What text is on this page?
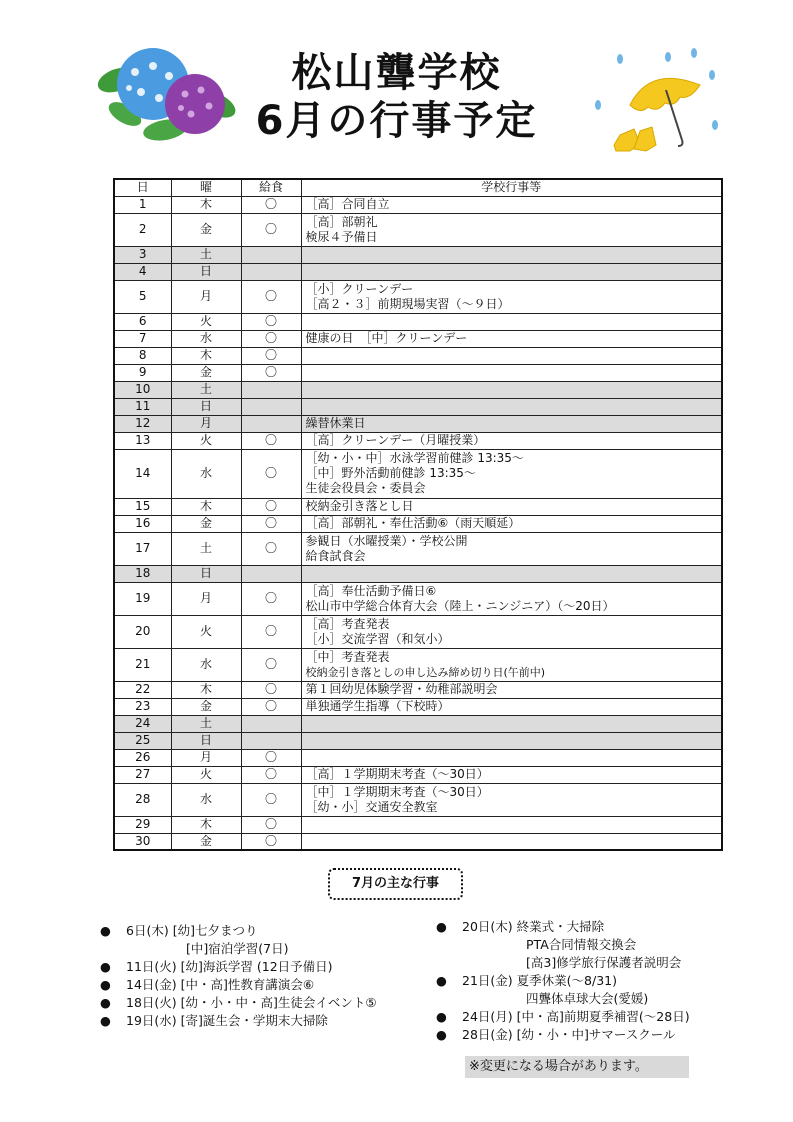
松山聾学校
6月の行事予定
日	曜	給食	学校行事等
1	木	〇	［高］合同自立

2	金	〇	［高］部朝礼
検尿４予備日

3	土		
4	日		
5	月	〇	［小］クリーンデー
［高２・３］前期現場実習（～９日）

6	火	〇	
7	水	〇	健康の日　［中］クリーンデー

8	木	〇	
9	金	〇	
10	土		
11	日		
12	月		繰替休業日

13	火	〇	［高］クリーンデー（月曜授業）

14	水	〇	［幼・小・中］水泳学習前健診 13:35～
［中］野外活動前健診 13:35～
生徒会役員会・委員会

15	木	〇	校納金引き落とし日

16	金	〇	［高］部朝礼・奉仕活動⑥（雨天順延）

17	土	〇	参観日（水曜授業）・学校公開
給食試食会

18	日		
19	月	〇	［高］奉仕活動予備日⑥
松山市中学総合体育大会（陸上・ニンジニア）（～20日）

20	火	〇	［高］考査発表
［小］交流学習（和気小）

21	水	〇	［中］考査発表
校納金引き落としの申し込み締め切り日(午前中)

22	木	〇	第１回幼児体験学習・幼稚部説明会

23	金	〇	単独通学生指導（下校時）

24	土		
25	日		
26	月	〇	
27	火	〇	［高］１学期期末考査（～30日）

28	水	〇	［中］１学期期末考査（～30日）
［幼・小］交通安全教室

29	木	〇	
30	金	〇	
7月の主な行事
● 6日(木) [幼]七夕まつり
[中]宿泊学習(7日)
● 11日(火) [幼]海浜学習 (12日予備日)
● 14日(金) [中・高]性教育講演会⑥
● 18日(火) [幼・小・中・高]生徒会イベント⑤
● 19日(水) [寄]誕生会・学期末大掃除
● 20日(木) 終業式・大掃除
PTA合同情報交換会
[高3]修学旅行保護者説明会
● 21日(金) 夏季休業(～8/31)
四聾体卓球大会(愛媛)
● 24日(月) [中・高]前期夏季補習(～28日)
● 28日(金) [幼・小・中]サマースクール
※変更になる場合があります。
